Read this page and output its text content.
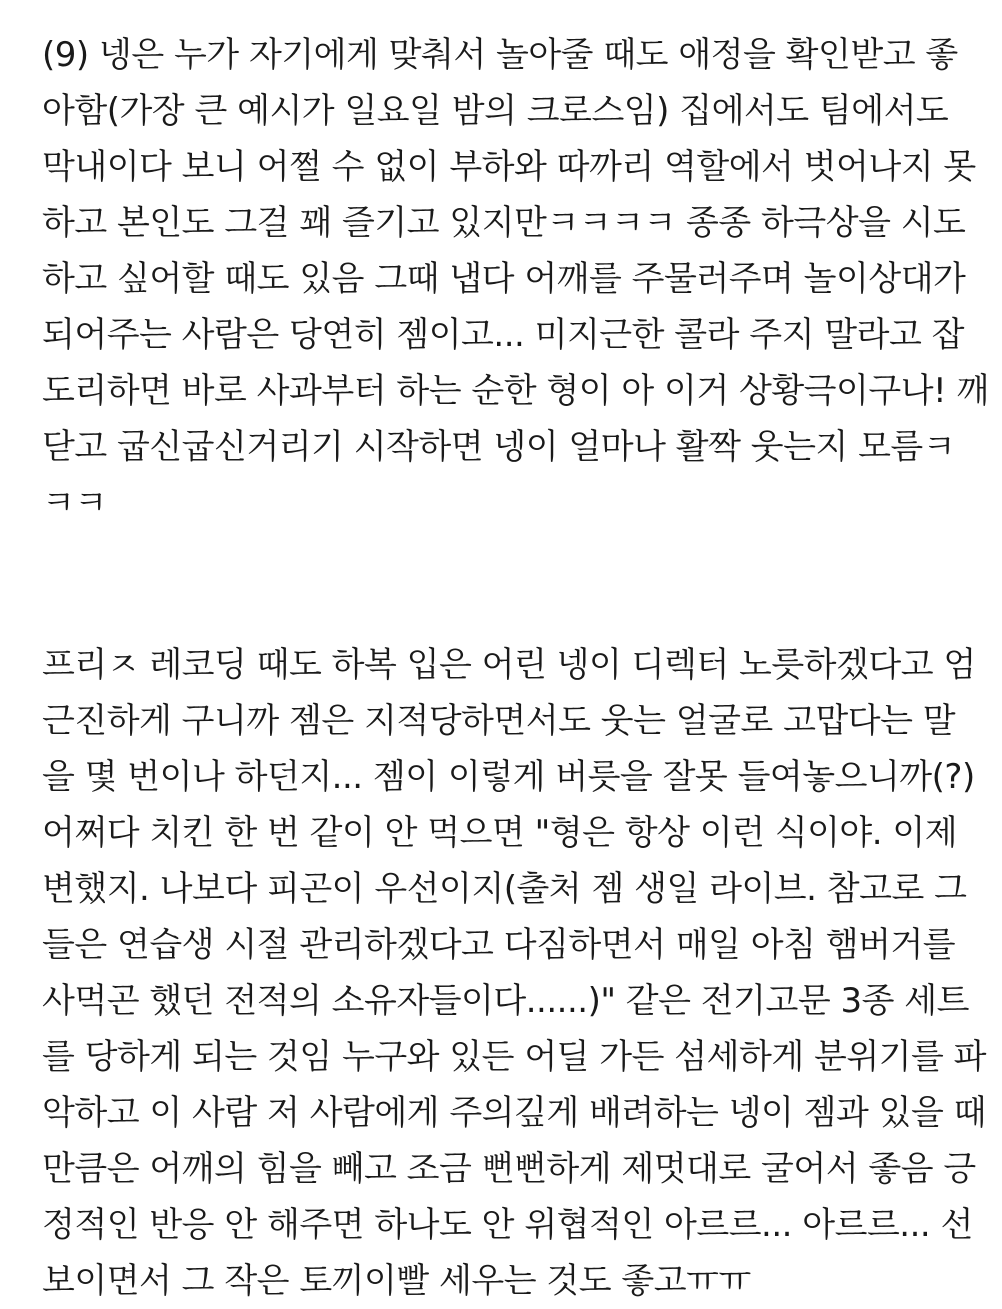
(9) 넹은 누가 자기에게 맞춰서 놀아줄 때도 애정을 확인받고 좋
아함(가장 큰 예시가 일요일 밤의 크로스임) 집에서도 팀에서도
막내이다 보니 어쩔 수 없이 부하와 따까리 역할에서 벗어나지 못
하고 본인도 그걸 꽤 즐기고 있지만ㅋㅋㅋㅋ 종종 하극상을 시도
하고 싶어할 때도 있음 그때 냅다 어깨를 주물러주며 놀이상대가
되어주는 사람은 당연히 젬이고... 미지근한 콜라 주지 말라고 잡
도리하면 바로 사과부터 하는 순한 형이 아 이거 상황극이구나! 깨
닫고 굽신굽신거리기 시작하면 넹이 얼마나 활짝 웃는지 모름ㅋ
ㅋㅋ
프리ㅈ 레코딩 때도 하복 입은 어린 넹이 디렉터 노릇하겠다고 엄
근진하게 구니까 젬은 지적당하면서도 웃는 얼굴로 고맙다는 말
을 몇 번이나 하던지... 젬이 이렇게 버릇을 잘못 들여놓으니까(?)
어쩌다 치킨 한 번 같이 안 먹으면 "형은 항상 이런 식이야. 이제
변했지. 나보다 피곤이 우선이지(출처 젬 생일 라이브. 참고로 그
들은 연습생 시절 관리하겠다고 다짐하면서 매일 아침 햄버거를
사먹곤 했던 전적의 소유자들이다......)" 같은 전기고문 3종 세트
를 당하게 되는 것임 누구와 있든 어딜 가든 섬세하게 분위기를 파
악하고 이 사람 저 사람에게 주의깊게 배려하는 넹이 젬과 있을 때
만큼은 어깨의 힘을 빼고 조금 뻔뻔하게 제멋대로 굴어서 좋음 긍
정적인 반응 안 해주면 하나도 안 위협적인 아르르... 아르르... 선
보이면서 그 작은 토끼이빨 세우는 것도 좋고ㅠㅠ
